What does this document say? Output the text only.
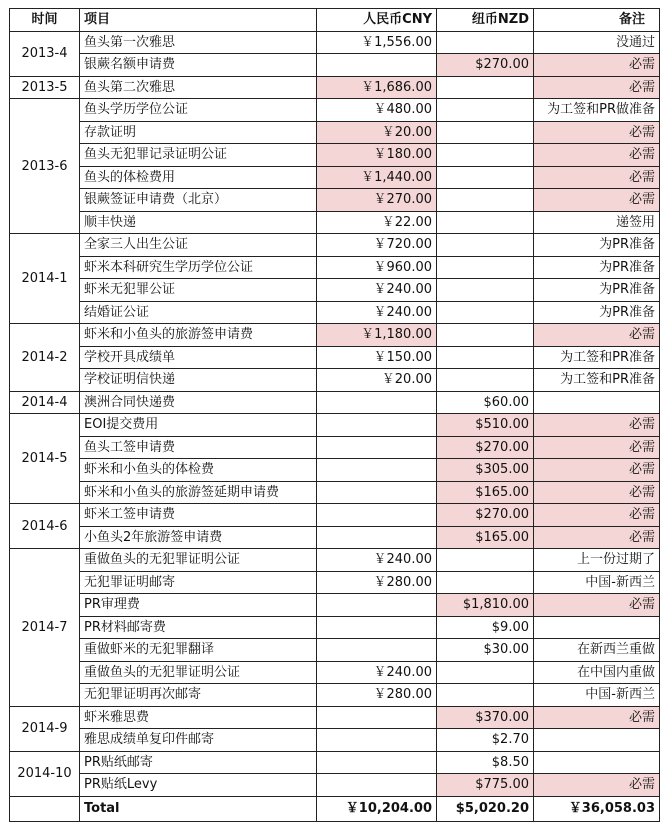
时间	项目	人民币CNY	纽币NZD	备注
2013-4	鱼头第一次雅思	￥1,556.00		没通过
	银蕨名额申请费		$270.00	必需
2013-5	鱼头第二次雅思	￥1,686.00		必需
2013-6	鱼头学历学位公证	￥480.00		为工签和PR做准备
	存款证明	￥20.00		必需
	鱼头无犯罪记录证明公证	￥180.00		必需
	鱼头的体检费用	￥1,440.00		必需
	银蕨签证申请费（北京）	￥270.00		必需
	顺丰快递	￥22.00		递签用
2014-1	全家三人出生公证	￥720.00		为PR准备
	虾米本科研究生学历学位公证	￥960.00		为PR准备
	虾米无犯罪公证	￥240.00		为PR准备
	结婚证公证	￥240.00		为PR准备
2014-2	虾米和小鱼头的旅游签申请费	￥1,180.00		必需
	学校开具成绩单	￥150.00		为工签和PR准备
	学校证明信快递	￥20.00		为工签和PR准备
2014-4	澳洲合同快递费		$60.00	
2014-5	EOI提交费用		$510.00	必需
	鱼头工签申请费		$270.00	必需
	虾米和小鱼头的体检费		$305.00	必需
	虾米和小鱼头的旅游签延期申请费		$165.00	必需
2014-6	虾米工签申请费		$270.00	必需
	小鱼头2年旅游签申请费		$165.00	必需
2014-7	重做鱼头的无犯罪证明公证	￥240.00		上一份过期了
	无犯罪证明邮寄	￥280.00		中国-新西兰
	PR审理费		$1,810.00	必需
	PR材料邮寄费		$9.00	
	重做虾米的无犯罪翻译		$30.00	在新西兰重做
	重做鱼头的无犯罪证明公证	￥240.00		在中国内重做
	无犯罪证明再次邮寄	￥280.00		中国-新西兰
2014-9	虾米雅思费		$370.00	必需
	雅思成绩单复印件邮寄		$2.70	
2014-10	PR贴纸邮寄		$8.50	
	PR贴纸Levy		$775.00	必需
	Total	￥10,204.00	$5,020.20	￥36,058.03
